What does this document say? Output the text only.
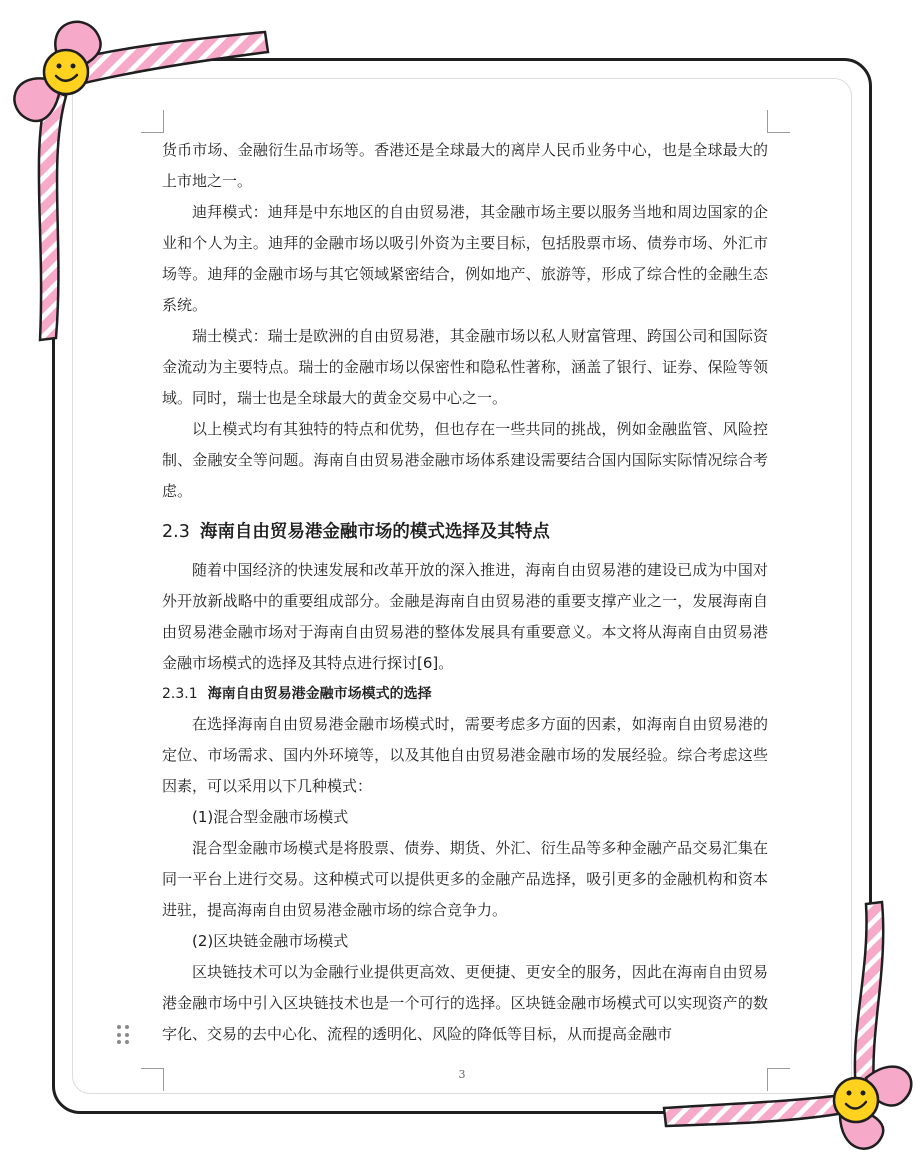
货币市场、金融衍生品市场等。香港还是全球最大的离岸人民币业务中心，也是全球最大的上市地之一。

迪拜模式：迪拜是中东地区的自由贸易港，其金融市场主要以服务当地和周边国家的企业和个人为主。迪拜的金融市场以吸引外资为主要目标，包括股票市场、债券市场、外汇市场等。迪拜的金融市场与其它领域紧密结合，例如地产、旅游等，形成了综合性的金融生态系统。

瑞士模式：瑞士是欧洲的自由贸易港，其金融市场以私人财富管理、跨国公司和国际资金流动为主要特点。瑞士的金融市场以保密性和隐私性著称，涵盖了银行、证券、保险等领域。同时，瑞士也是全球最大的黄金交易中心之一。

以上模式均有其独特的特点和优势，但也存在一些共同的挑战，例如金融监管、风险控制、金融安全等问题。海南自由贸易港金融市场体系建设需要结合国内国际实际情况综合考虑。

2.3 海南自由贸易港金融市场的模式选择及其特点

随着中国经济的快速发展和改革开放的深入推进，海南自由贸易港的建设已成为中国对外开放新战略中的重要组成部分。金融是海南自由贸易港的重要支撑产业之一，发展海南自由贸易港金融市场对于海南自由贸易港的整体发展具有重要意义。本文将从海南自由贸易港金融市场模式的选择及其特点进行探讨[6]。

2.3.1 海南自由贸易港金融市场模式的选择

在选择海南自由贸易港金融市场模式时，需要考虑多方面的因素，如海南自由贸易港的定位、市场需求、国内外环境等，以及其他自由贸易港金融市场的发展经验。综合考虑这些因素，可以采用以下几种模式：

(1)混合型金融市场模式

混合型金融市场模式是将股票、债券、期货、外汇、衍生品等多种金融产品交易汇集在同一平台上进行交易。这种模式可以提供更多的金融产品选择，吸引更多的金融机构和资本进驻，提高海南自由贸易港金融市场的综合竞争力。

(2)区块链金融市场模式

区块链技术可以为金融行业提供更高效、更便捷、更安全的服务，因此在海南自由贸易港金融市场中引入区块链技术也是一个可行的选择。区块链金融市场模式可以实现资产的数字化、交易的去中心化、流程的透明化、风险的降低等目标，从而提高金融市

3
